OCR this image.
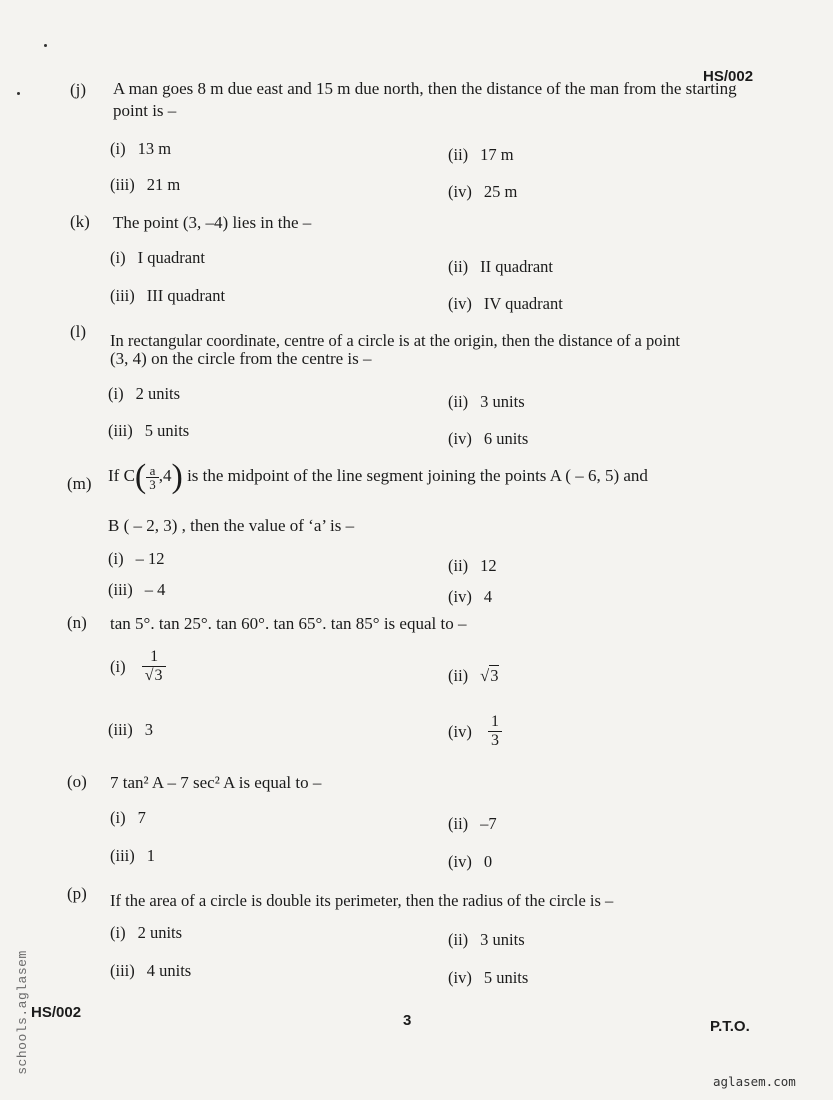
HS/002
(j) A man goes 8 m due east and 15 m due north, then the distance of the man from the starting point is –
(i) 13 m	(ii) 17 m
(iii) 21 m	(iv) 25 m
(k) The point (3, –4) lies in the –
(i) I quadrant	(ii) II quadrant
(iii) III quadrant	(iv) IV quadrant
(l) In rectangular coordinate, centre of a circle is at the origin, then the distance of a point
(3, 4) on the circle from the centre is –
(i) 2 units	(ii) 3 units
(iii) 5 units	(iv) 6 units
(m) If $C( \frac{a}{3} ,4)$ is the midpoint of the line segment joining the points A ( – 6, 5) and
B ( – 2, 3) , then the value of ‘a’ is –
(i) – 12	(ii) 12
(iii) – 4	(iv) 4
(n) tan 5°. tan 25°. tan 60°. tan 65°. tan 85° is equal to –
$(i) \frac{1}{√3}$	(ii) √3
(iii) 3	$(iv) \frac{1}{3}$
(o) 7 tan² A – 7 sec² A is equal to –
(i) 7	(ii) –7
(iii) 1	(iv) 0
(p) If the area of a circle is double its perimeter, then the radius of the circle is –
(i) 2 units	(ii) 3 units
(iii) 4 units	(iv) 5 units
HS/002	3	P.T.O.
schools.aglasem
aglasem.com
